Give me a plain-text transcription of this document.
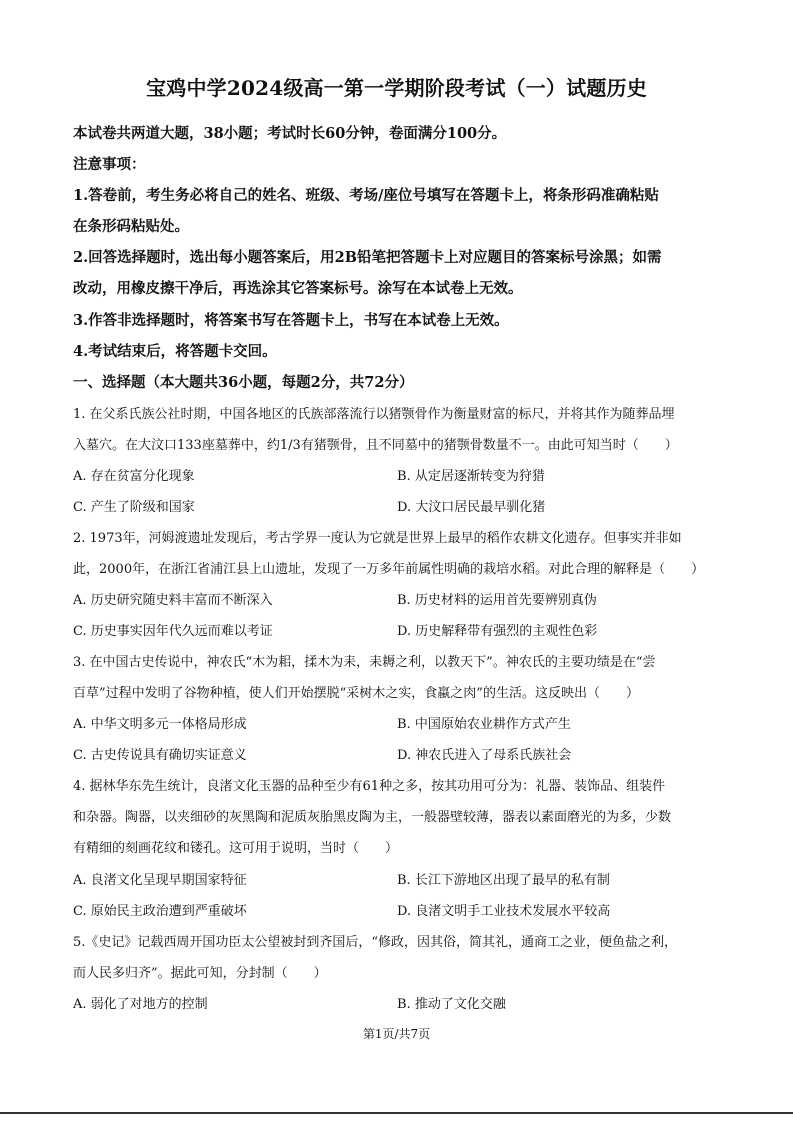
宝鸡中学2024级高一第一学期阶段考试（一）试题历史
本试卷共两道大题，38小题；考试时长60分钟，卷面满分100分。
注意事项：
1.答卷前，考生务必将自己的姓名、班级、考场/座位号填写在答题卡上，将条形码准确粘贴
在条形码粘贴处。
2.回答选择题时，选出每小题答案后，用2B铅笔把答题卡上对应题目的答案标号涂黑；如需
改动，用橡皮擦干净后，再选涂其它答案标号。涂写在本试卷上无效。
3.作答非选择题时，将答案书写在答题卡上，书写在本试卷上无效。
4.考试结束后，将答题卡交回。
一、选择题（本大题共36小题，每题2分，共72分）
1. 在父系氏族公社时期，中国各地区的氏族部落流行以猪颚骨作为衡量财富的标尺，并将其作为随葬品埋
入墓穴。在大汶口133座墓葬中，约1/3有猪颚骨，且不同墓中的猪颚骨数量不一。由此可知当时（　　）
A. 存在贫富分化现象	B. 从定居逐渐转变为狩猎
C. 产生了阶级和国家	D. 大汶口居民最早驯化猪
2. 1973年，河姆渡遗址发现后，考古学界一度认为它就是世界上最早的稻作农耕文化遗存。但事实并非如
此，2000年，在浙江省浦江县上山遗址，发现了一万多年前属性明确的栽培水稻。对此合理的解释是（　　）
A. 历史研究随史料丰富而不断深入	B. 历史材料的运用首先要辨别真伪
C. 历史事实因年代久远而难以考证	D. 历史解释带有强烈的主观性色彩
3. 在中国古史传说中，神农氏“木为耜，揉木为耒，耒耨之利，以教天下”。神农氏的主要功绩是在“尝
百草”过程中发明了谷物种植，使人们开始摆脱“采树木之实，食蠃之肉”的生活。这反映出（　　）
A. 中华文明多元一体格局形成	B. 中国原始农业耕作方式产生
C. 古史传说具有确切实证意义	D. 神农氏进入了母系氏族社会
4. 据林华东先生统计，良渚文化玉器的品种至少有61种之多，按其功用可分为：礼器、装饰品、组装件
和杂器。陶器，以夹细砂的灰黑陶和泥质灰胎黑皮陶为主，一般器壁较薄，器表以素面磨光的为多，少数
有精细的刻画花纹和镂孔。这可用于说明，当时（　　）
A. 良渚文化呈现早期国家特征	B. 长江下游地区出现了最早的私有制
C. 原始民主政治遭到严重破坏	D. 良渚文明手工业技术发展水平较高
5.《史记》记载西周开国功臣太公望被封到齐国后，“修政，因其俗，简其礼，通商工之业，便鱼盐之利，
而人民多归齐”。据此可知，分封制（　　）
A. 弱化了对地方的控制	B. 推动了文化交融
第1页/共7页
